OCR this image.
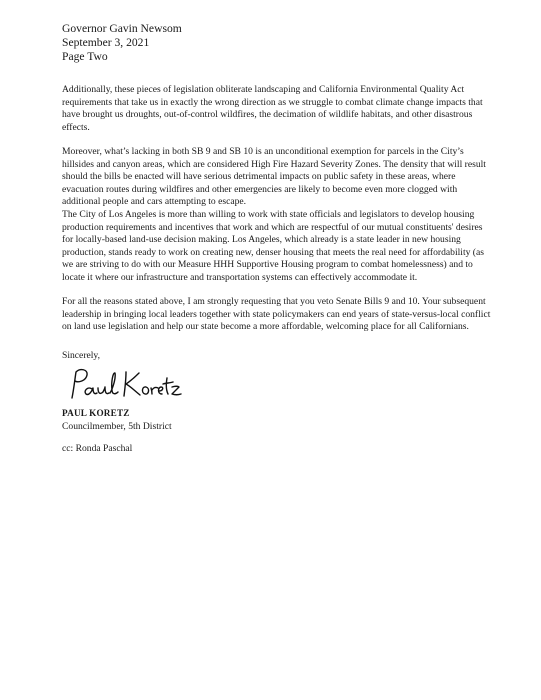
Governor Gavin Newsom
September 3, 2021
Page Two

Additionally, these pieces of legislation obliterate landscaping and California Environmental Quality Act requirements that take us in exactly the wrong direction as we struggle to combat climate change impacts that have brought us droughts, out-of-control wildfires, the decimation of wildlife habitats, and other disastrous effects.

Moreover, what’s lacking in both SB 9 and SB 10 is an unconditional exemption for parcels in the City’s hillsides and canyon areas, which are considered High Fire Hazard Severity Zones. The density that will result should the bills be enacted will have serious detrimental impacts on public safety in these areas, where evacuation routes during wildfires and other emergencies are likely to become even more clogged with additional people and cars attempting to escape.

The City of Los Angeles is more than willing to work with state officials and legislators to develop housing production requirements and incentives that work and which are respectful of our mutual constituents' desires for locally-based land-use decision making. Los Angeles, which already is a state leader in new housing production, stands ready to work on creating new, denser housing that meets the real need for affordability (as we are striving to do with our Measure HHH Supportive Housing program to combat homelessness) and to locate it where our infrastructure and transportation systems can effectively accommodate it.

For all the reasons stated above, I am strongly requesting that you veto Senate Bills 9 and 10. Your subsequent leadership in bringing local leaders together with state policymakers can end years of state-versus-local conflict on land use legislation and help our state become a more affordable, welcoming place for all Californians.

Sincerely,

PAUL KORETZ
Councilmember, 5th District
cc: Ronda Paschal
